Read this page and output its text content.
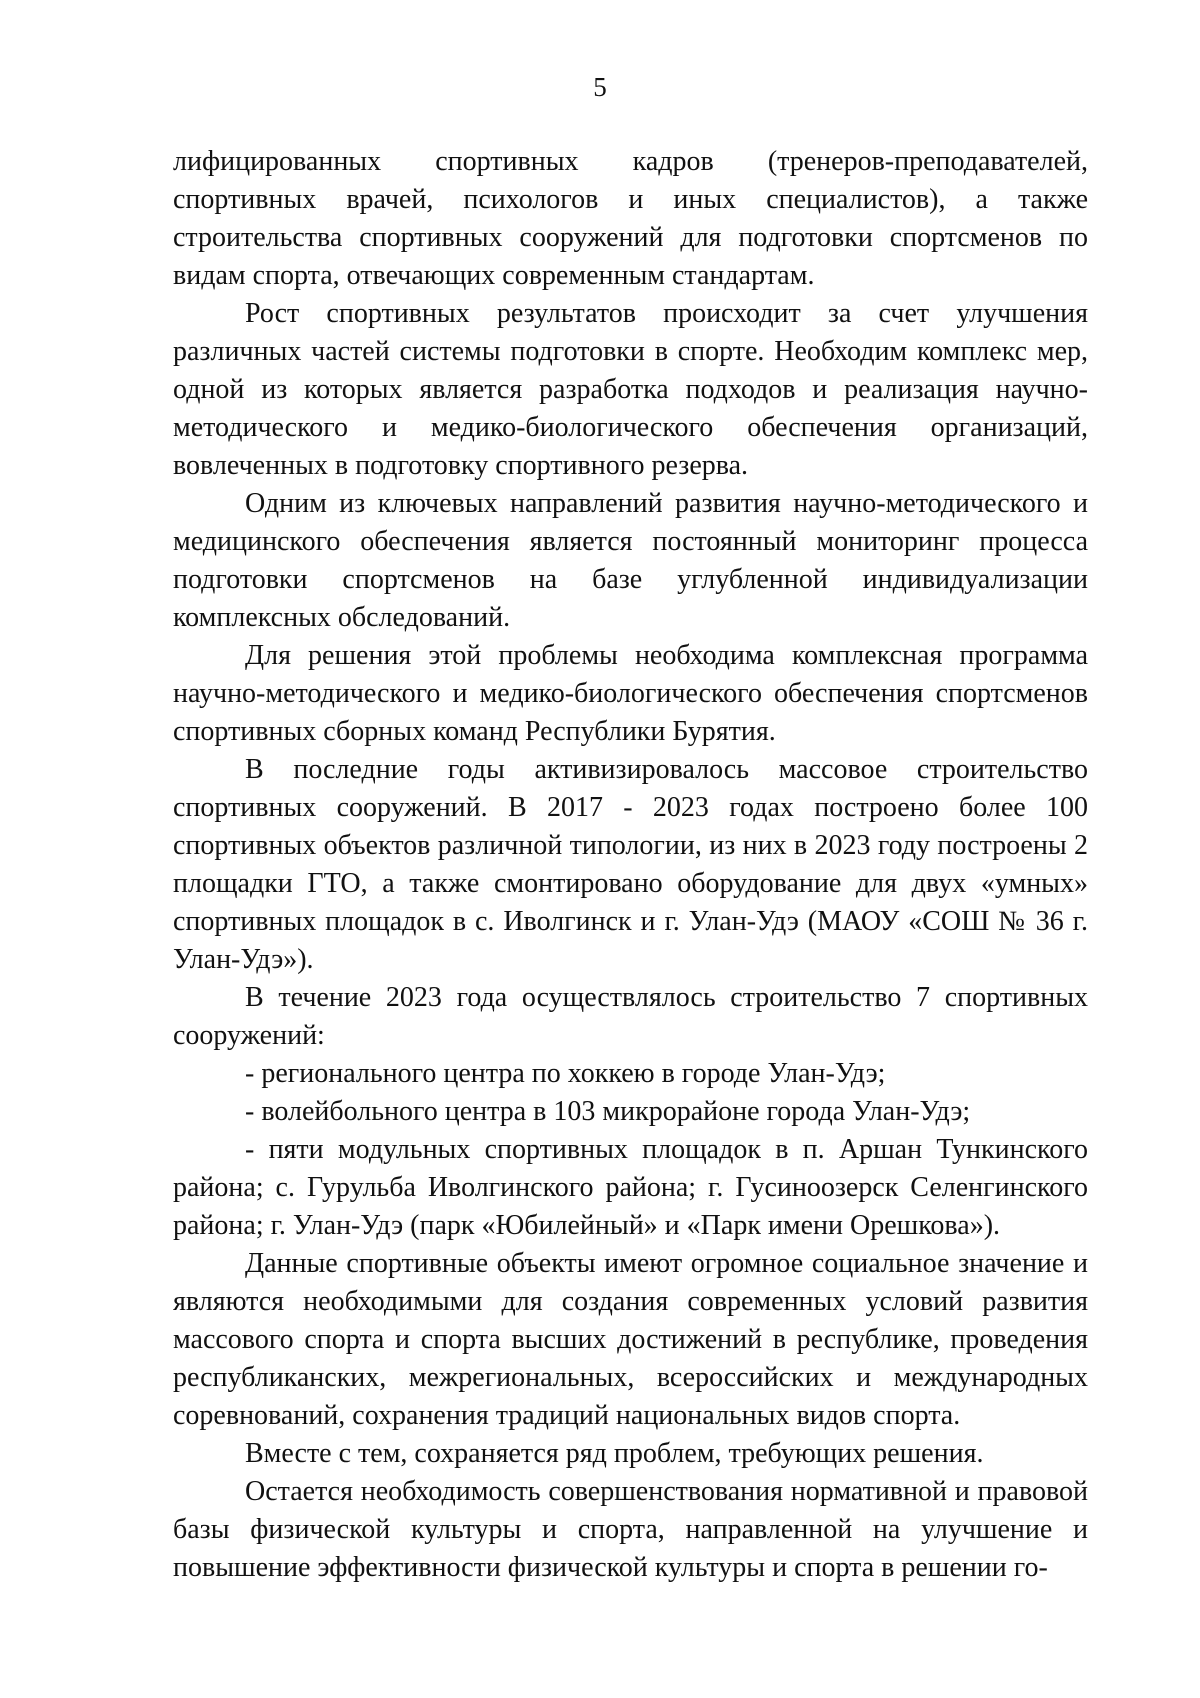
5

лифицированных спортивных кадров (тренеров-преподавателей, спортивных врачей, психологов и иных специалистов), а также строительства спортивных сооружений для подготовки спортсменов по видам спорта, отвечающих современным стандартам.

Рост спортивных результатов происходит за счет улучшения различных частей системы подготовки в спорте. Необходим комплекс мер, одной из которых является разработка подходов и реализация научно-методического и медико-биологического обеспечения организаций, вовлеченных в подготовку спортивного резерва.

Одним из ключевых направлений развития научно-методического и медицинского обеспечения является постоянный мониторинг процесса подготовки спортсменов на базе углубленной индивидуализации комплексных обследований.

Для решения этой проблемы необходима комплексная программа научно-методического и медико-биологического обеспечения спортсменов спортивных сборных команд Республики Бурятия.

В последние годы активизировалось массовое строительство спортивных сооружений. В 2017 - 2023 годах построено более 100 спортивных объектов различной типологии, из них в 2023 году построены 2 площадки ГТО, а также смонтировано оборудование для двух «умных» спортивных площадок в с. Иволгинск и г. Улан-Удэ (МАОУ «СОШ № 36 г. Улан-Удэ»).

В течение 2023 года осуществлялось строительство 7 спортивных сооружений:

- регионального центра по хоккею в городе Улан-Удэ;

- волейбольного центра в 103 микрорайоне города Улан-Удэ;

- пяти модульных спортивных площадок в п. Аршан Тункинского района; с. Гурульба Иволгинского района; г. Гусиноозерск Селенгинского района; г. Улан-Удэ (парк «Юбилейный» и «Парк имени Орешкова»).

Данные спортивные объекты имеют огромное социальное значение и являются необходимыми для создания современных условий развития массового спорта и спорта высших достижений в республике, проведения республиканских, межрегиональных, всероссийских и международных соревнований, сохранения традиций национальных видов спорта.

Вместе с тем, сохраняется ряд проблем, требующих решения.

Остается необходимость совершенствования нормативной и правовой базы физической культуры и спорта, направленной на улучшение и повышение эффективности физической культуры и спорта в решении го-
